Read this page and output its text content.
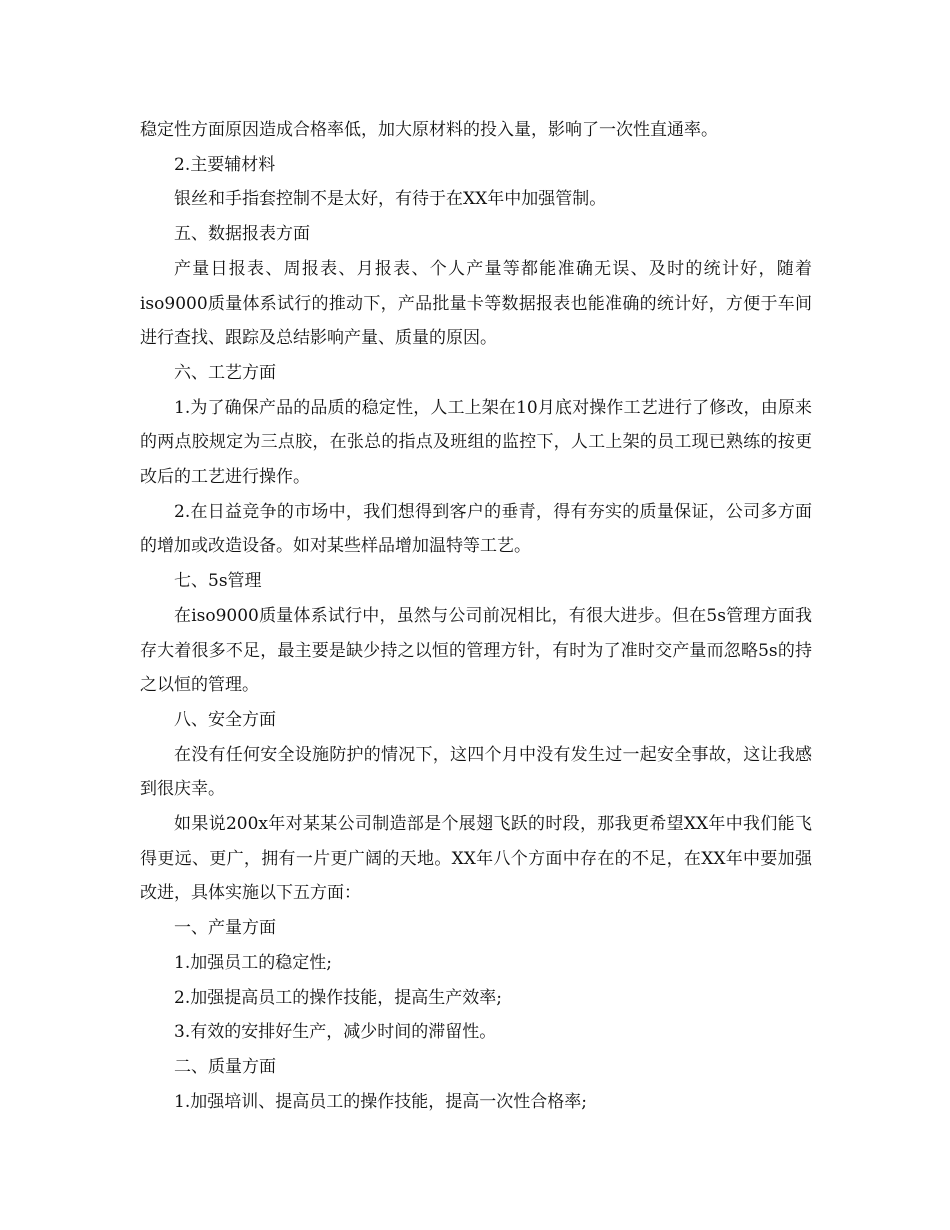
稳定性方面原因造成合格率低，加大原材料的投入量，影响了一次性直通率。

2.主要辅材料

银丝和手指套控制不是太好，有待于在XX年中加强管制。

五、数据报表方面

产量日报表、周报表、月报表、个人产量等都能准确无误、及时的统计好，随着iso9000质量体系试行的推动下，产品批量卡等数据报表也能准确的统计好，方便于车间进行查找、跟踪及总结影响产量、质量的原因。

六、工艺方面

1.为了确保产品的品质的稳定性，人工上架在10月底对操作工艺进行了修改，由原来的两点胶规定为三点胶，在张总的指点及班组的监控下，人工上架的员工现已熟练的按更改后的工艺进行操作。

2.在日益竞争的市场中，我们想得到客户的垂青，得有夯实的质量保证，公司多方面的增加或改造设备。如对某些样品增加温特等工艺。

七、5s管理

在iso9000质量体系试行中，虽然与公司前况相比，有很大进步。但在5s管理方面我存大着很多不足，最主要是缺少持之以恒的管理方针，有时为了准时交产量而忽略5s的持之以恒的管理。

八、安全方面

在没有任何安全设施防护的情况下，这四个月中没有发生过一起安全事故，这让我感到很庆幸。

如果说200x年对某某公司制造部是个展翅飞跃的时段，那我更希望XX年中我们能飞得更远、更广，拥有一片更广阔的天地。XX年八个方面中存在的不足，在XX年中要加强改进，具体实施以下五方面：

一、产量方面

1.加强员工的稳定性;

2.加强提高员工的操作技能，提高生产效率;

3.有效的安排好生产，减少时间的滞留性。

二、质量方面

1.加强培训、提高员工的操作技能，提高一次性合格率;
